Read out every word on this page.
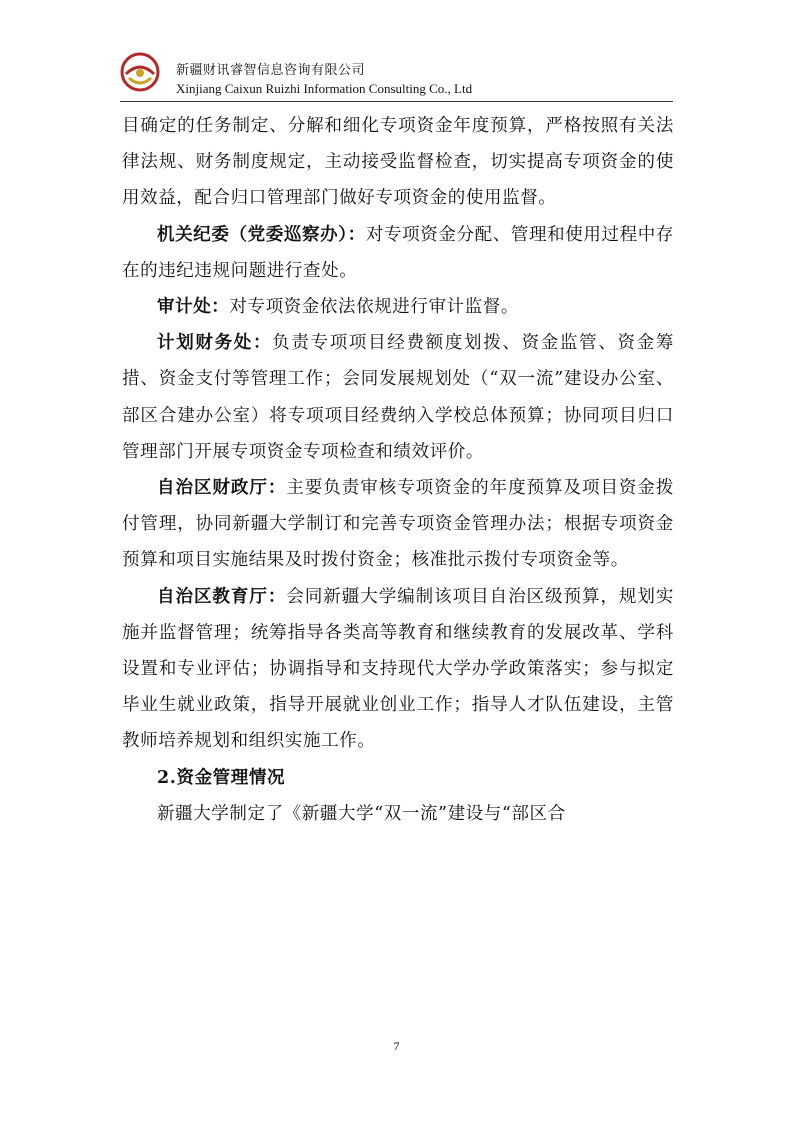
新疆财讯睿智信息咨询有限公司
Xinjiang Caixun Ruizhi Information Consulting Co., Ltd

目确定的任务制定、分解和细化专项资金年度预算，严格按照有关法律法规、财务制度规定，主动接受监督检查，切实提高专项资金的使用效益，配合归口管理部门做好专项资金的使用监督。

机关纪委（党委巡察办）：对专项资金分配、管理和使用过程中存在的违纪违规问题进行查处。

审计处：对专项资金依法依规进行审计监督。

计划财务处：负责专项项目经费额度划拨、资金监管、资金筹措、资金支付等管理工作；会同发展规划处（“双一流”建设办公室、部区合建办公室）将专项项目经费纳入学校总体预算；协同项目归口管理部门开展专项资金专项检查和绩效评价。

自治区财政厅：主要负责审核专项资金的年度预算及项目资金拨付管理，协同新疆大学制订和完善专项资金管理办法；根据专项资金预算和项目实施结果及时拨付资金；核准批示拨付专项资金等。

自治区教育厅：会同新疆大学编制该项目自治区级预算，规划实施并监督管理；统筹指导各类高等教育和继续教育的发展改革、学科设置和专业评估；协调指导和支持现代大学办学政策落实；参与拟定毕业生就业政策，指导开展就业创业工作；指导人才队伍建设，主管教师培养规划和组织实施工作。

2.资金管理情况

新疆大学制定了《新疆大学“双一流”建设与“部区合

7
